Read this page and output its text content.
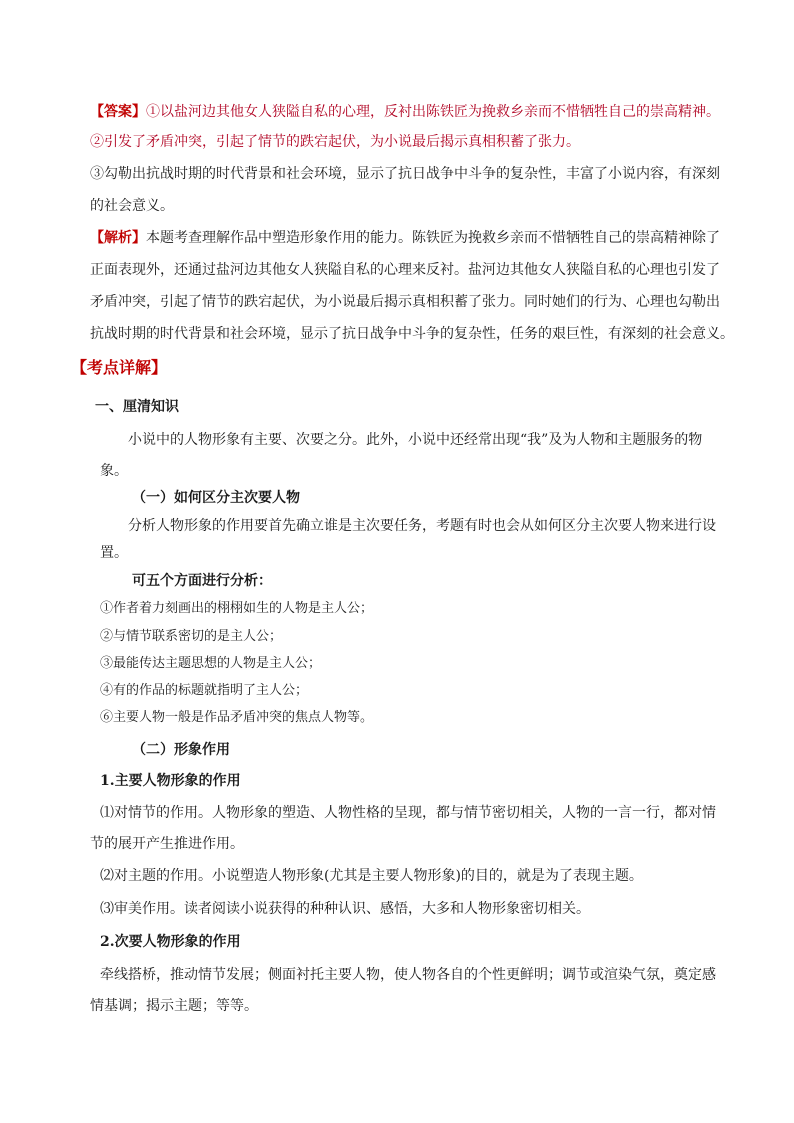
【答案】①以盐河边其他女人狭隘自私的心理，反衬出陈铁匠为挽救乡亲而不惜牺牲自己的崇高精神。
②引发了矛盾冲突，引起了情节的跌宕起伏，为小说最后揭示真相积蓄了张力。
③勾勒出抗战时期的时代背景和社会环境，显示了抗日战争中斗争的复杂性，丰富了小说内容，有深刻
的社会意义。
【解析】本题考查理解作品中塑造形象作用的能力。陈铁匠为挽救乡亲而不惜牺牲自己的崇高精神除了
正面表现外，还通过盐河边其他女人狭隘自私的心理来反衬。盐河边其他女人狭隘自私的心理也引发了
矛盾冲突，引起了情节的跌宕起伏，为小说最后揭示真相积蓄了张力。同时她们的行为、心理也勾勒出
抗战时期的时代背景和社会环境，显示了抗日战争中斗争的复杂性，任务的艰巨性，有深刻的社会意义。
【考点详解】
一、厘清知识
小说中的人物形象有主要、次要之分。此外，小说中还经常出现“我”及为人物和主题服务的物
象。
（一）如何区分主次要人物
分析人物形象的作用要首先确立谁是主次要任务，考题有时也会从如何区分主次要人物来进行设
置。
可五个方面进行分析：
①作者着力刻画出的栩栩如生的人物是主人公；
②与情节联系密切的是主人公；
③最能传达主题思想的人物是主人公；
④有的作品的标题就指明了主人公；
⑥主要人物一般是作品矛盾冲突的焦点人物等。
（二）形象作用
1.主要人物形象的作用
⑴对情节的作用。人物形象的塑造、人物性格的呈现，都与情节密切相关，人物的一言一行，都对情
节的展开产生推进作用。
⑵对主题的作用。小说塑造人物形象(尤其是主要人物形象)的目的，就是为了表现主题。
⑶审美作用。读者阅读小说获得的种种认识、感悟，大多和人物形象密切相关。
2.次要人物形象的作用
牵线搭桥，推动情节发展；侧面衬托主要人物，使人物各自的个性更鲜明；调节或渲染气氛，奠定感
情基调；揭示主题；等等。
